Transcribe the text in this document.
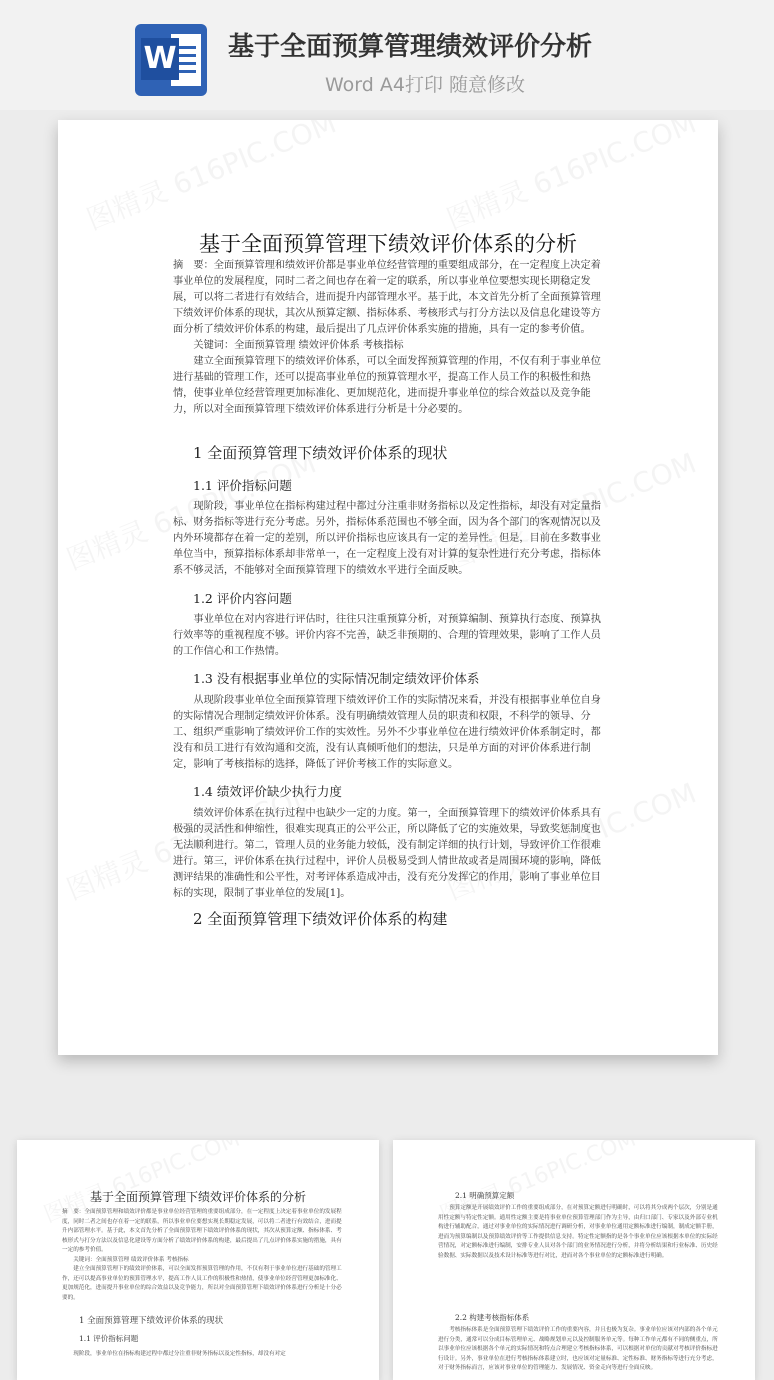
W 基于全面预算管理绩效评价分析
Word A4打印 随意修改
基于全面预算管理下绩效评价体系的分析

摘　要：全面预算管理和绩效评价都是事业单位经营管理的重要组成部分，在一定程度上决定着事业单位的发展程度，同时二者之间也存在着一定的联系，所以事业单位要想实现长期稳定发展，可以将二者进行有效结合，进而提升内部管理水平。基于此，本文首先分析了全面预算管理下绩效评价体系的现状，其次从预算定额、指标体系、考核形式与打分方法以及信息化建设等方面分析了绩效评价体系的构建，最后提出了几点评价体系实施的措施，具有一定的参考价值。

关键词：全面预算管理 绩效评价体系 考核指标

建立全面预算管理下的绩效评价体系，可以全面发挥预算管理的作用，不仅有利于事业单位进行基础的管理工作，还可以提高事业单位的预算管理水平，提高工作人员工作的积极性和热情，使事业单位经营管理更加标准化、更加规范化，进而提升事业单位的综合效益以及竞争能力，所以对全面预算管理下绩效评价体系进行分析是十分必要的。

1 全面预算管理下绩效评价体系的现状
1.1 评价指标问题

现阶段，事业单位在指标构建过程中都过分注重非财务指标以及定性指标，却没有对定量指标、财务指标等进行充分考虑。另外，指标体系范围也不够全面，因为各个部门的客观情况以及内外环境都存在着一定的差别，所以评价指标也应该具有一定的差异性。但是，目前在多数事业单位当中，预算指标体系却非常单一，在一定程度上没有对计算的复杂性进行充分考虑，指标体系不够灵活，不能够对全面预算管理下的绩效水平进行全面反映。

1.2 评价内容问题

事业单位在对内容进行评估时，往往只注重预算分析，对预算编制、预算执行态度、预算执行效率等的重视程度不够。评价内容不完善，缺乏非预期的、合理的管理效果，影响了工作人员的工作信心和工作热情。

1.3 没有根据事业单位的实际情况制定绩效评价体系

从现阶段事业单位全面预算管理下绩效评价工作的实际情况来看，并没有根据事业单位自身的实际情况合理制定绩效评价体系。没有明确绩效管理人员的职责和权限，不科学的领导、分工、组织严重影响了绩效评价工作的实效性。另外不少事业单位在进行绩效评价体系制定时，都没有和员工进行有效沟通和交流，没有认真倾听他们的想法，只是单方面的对评价体系进行制定，影响了考核指标的选择，降低了评价考核工作的实际意义。

1.4 绩效评价缺少执行力度

绩效评价体系在执行过程中也缺少一定的力度。第一，全面预算管理下的绩效评价体系具有极强的灵活性和伸缩性，很难实现真正的公平公正，所以降低了它的实施效果，导致奖惩制度也无法顺利进行。第二，管理人员的业务能力较低，没有制定详细的执行计划，导致评价工作很难进行。第三，评价体系在执行过程中，评价人员极易受到人情世故或者是周围环境的影响，降低测评结果的准确性和公平性，对考评体系造成冲击，没有充分发挥它的作用，影响了事业单位目标的实现，限制了事业单位的发展[1]。

2 全面预算管理下绩效评价体系的构建
基于全面预算管理下绩效评价体系的分析

摘　要：全面预算管理和绩效评价都是事业单位经营管理的重要组成部分，在一定程度上决定着事业单位的发展程度，同时二者之间也存在着一定的联系，所以事业单位要想实现长期稳定发展，可以将二者进行有效结合，进而提升内部管理水平。基于此，本文首先分析了全面预算管理下绩效评价体系的现状，其次从预算定额、指标体系、考核形式与打分方法以及信息化建设等方面分析了绩效评价体系的构建，最后提出了几点评价体系实施的措施，具有一定的参考价值。

关键词：全面预算管理 绩效评价体系 考核指标

建立全面预算管理下的绩效评价体系，可以全面发挥预算管理的作用，不仅有利于事业单位进行基础的管理工作，还可以提高事业单位的预算管理水平，提高工作人员工作的积极性和热情，使事业单位经营管理更加标准化、更加规范化，进而提升事业单位的综合效益以及竞争能力，所以对全面预算管理下绩效评价体系进行分析是十分必要的。

1 全面预算管理下绩效评价体系的现状
1.1 评价指标问题

现阶段，事业单位在指标构建过程中都过分注重非财务指标以及定性指标，却没有对定

2.1 明确预算定额

预算定额是开展绩效评价工作的重要组成部分，在对预算定额进行明确时，可以将其分成两个层次，分别是通用性定额与特定性定额。通用性定额主要是将事业单位预算管理部门作为主导，由归口部门、专家以及外部专业机构进行辅助配合，通过对事业单位的实际情况进行调研分析，对事业单位通用定额标准进行编制，制成定额手册，进而为预算编制以及预算绩效评价等工作提供信息支持。特定性定额指的是各个事业单位应该根据本单位的实际经营情况，对定额标准进行编制，安排专业人员对各个部门的业务情况进行分析，并将分析结果和行业标准、历史经验数据、实际数据以及技术设计标准等进行对比，进而对各个事业单位的定额标准进行明确。

2.2 构建考核指标体系

考核指标体系是全面预算管理下绩效评价工作的重要内容，并且也极为复杂。事业单位应该对内部的各个单元进行分类，通常可以分成目标管理单元、战略规划单元以及控制服务单元等。每种工作单元都有不同的侧重点，所以事业单位应该根据各个单元的实际情况和特点合理建立考核指标体系，可以根据对单位的贡献对考核评价指标进行设计。另外，事业单位在进行考核指标体系建立时，也应该对定量标准、定性标准、财务指标等进行充分考虑，对于财务指标而言，应该对事业单位的管理能力、发展情况、资金走向等进行全面反映。
